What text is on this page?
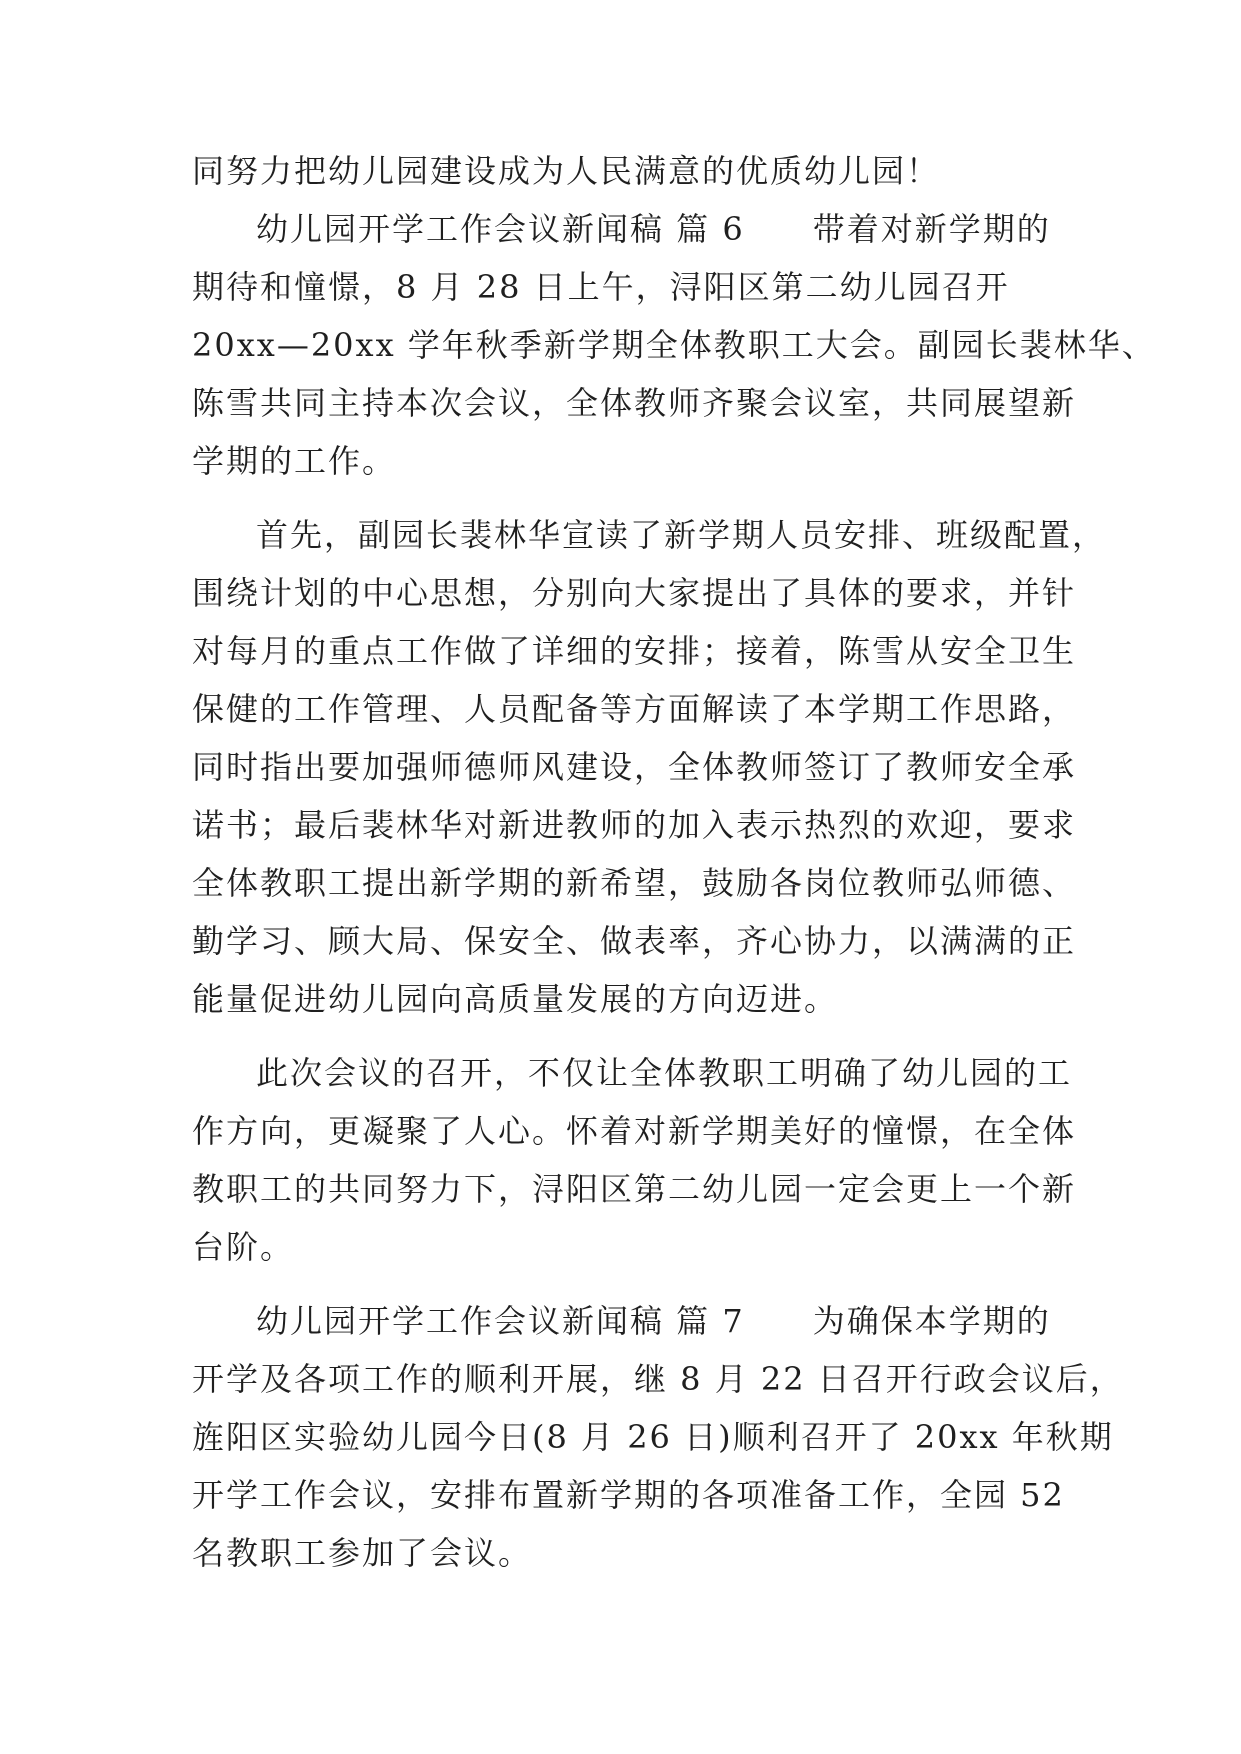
同努力把幼儿园建设成为人民满意的优质幼儿园！
幼儿园开学工作会议新闻稿 篇 6　　带着对新学期的
期待和憧憬，8 月 28 日上午，浔阳区第二幼儿园召开
20xx—20xx 学年秋季新学期全体教职工大会。副园长裴林华、
陈雪共同主持本次会议，全体教师齐聚会议室，共同展望新
学期的工作。
首先，副园长裴林华宣读了新学期人员安排、班级配置，
围绕计划的中心思想，分别向大家提出了具体的要求，并针
对每月的重点工作做了详细的安排；接着，陈雪从安全卫生
保健的工作管理、人员配备等方面解读了本学期工作思路，
同时指出要加强师德师风建设，全体教师签订了教师安全承
诺书；最后裴林华对新进教师的加入表示热烈的欢迎，要求
全体教职工提出新学期的新希望，鼓励各岗位教师弘师德、
勤学习、顾大局、保安全、做表率，齐心协力，以满满的正
能量促进幼儿园向高质量发展的方向迈进。
此次会议的召开，不仅让全体教职工明确了幼儿园的工
作方向，更凝聚了人心。怀着对新学期美好的憧憬，在全体
教职工的共同努力下，浔阳区第二幼儿园一定会更上一个新
台阶。
幼儿园开学工作会议新闻稿 篇 7　　为确保本学期的
开学及各项工作的顺利开展，继 8 月 22 日召开行政会议后，
旌阳区实验幼儿园今日(8 月 26 日)顺利召开了 20xx 年秋期
开学工作会议，安排布置新学期的各项准备工作，全园 52
名教职工参加了会议。
